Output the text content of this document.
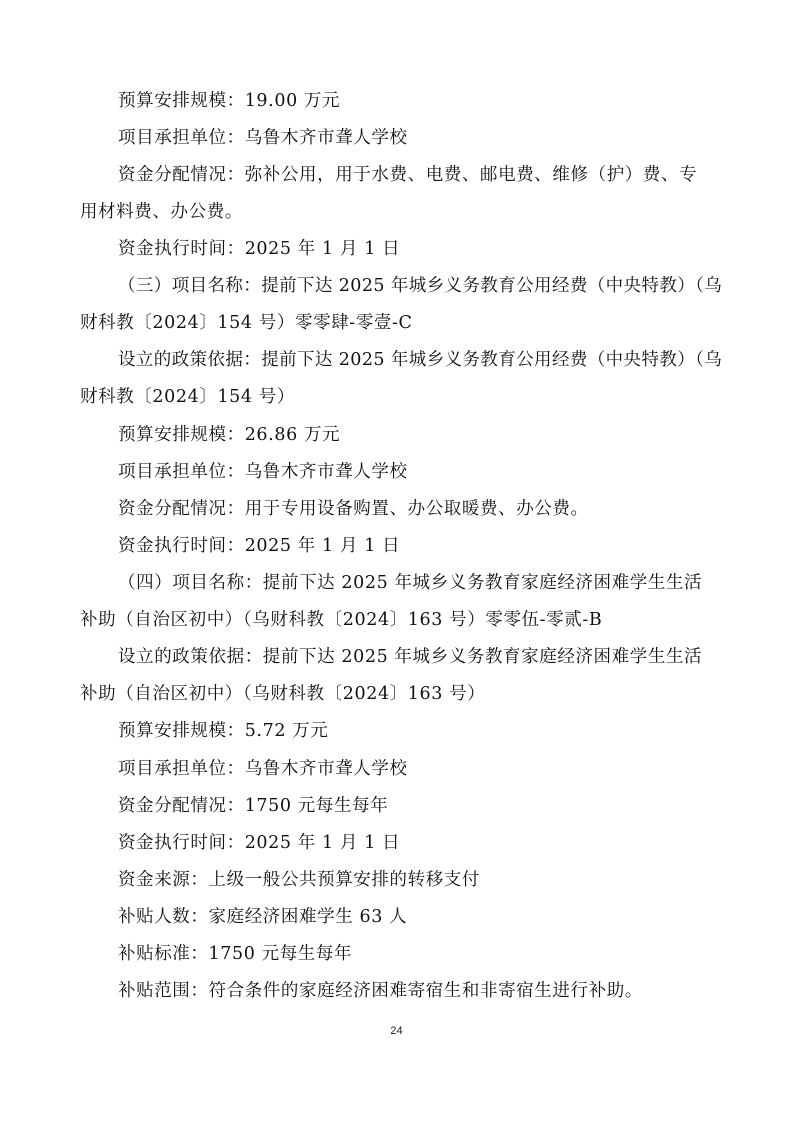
预算安排规模：19.00 万元

项目承担单位：乌鲁木齐市聋人学校

资金分配情况：弥补公用，用于水费、电费、邮电费、维修（护）费、专

用材料费、办公费。

资金执行时间：2025 年 1 月 1 日

（三）项目名称：提前下达 2025 年城乡义务教育公用经费（中央特教）（乌

财科教〔2024〕154 号）零零肆-零壹-C

设立的政策依据：提前下达 2025 年城乡义务教育公用经费（中央特教）（乌

财科教〔2024〕154 号）

预算安排规模：26.86 万元

项目承担单位：乌鲁木齐市聋人学校

资金分配情况：用于专用设备购置、办公取暖费、办公费。

资金执行时间：2025 年 1 月 1 日

（四）项目名称：提前下达 2025 年城乡义务教育家庭经济困难学生生活

补助（自治区初中）（乌财科教〔2024〕163 号）零零伍-零贰-B

设立的政策依据：提前下达 2025 年城乡义务教育家庭经济困难学生生活

补助（自治区初中）（乌财科教〔2024〕163 号）

预算安排规模：5.72 万元

项目承担单位：乌鲁木齐市聋人学校

资金分配情况：1750 元每生每年

资金执行时间：2025 年 1 月 1 日

资金来源：上级一般公共预算安排的转移支付

补贴人数：家庭经济困难学生 63 人

补贴标准：1750 元每生每年

补贴范围：符合条件的家庭经济困难寄宿生和非寄宿生进行补助。

24
